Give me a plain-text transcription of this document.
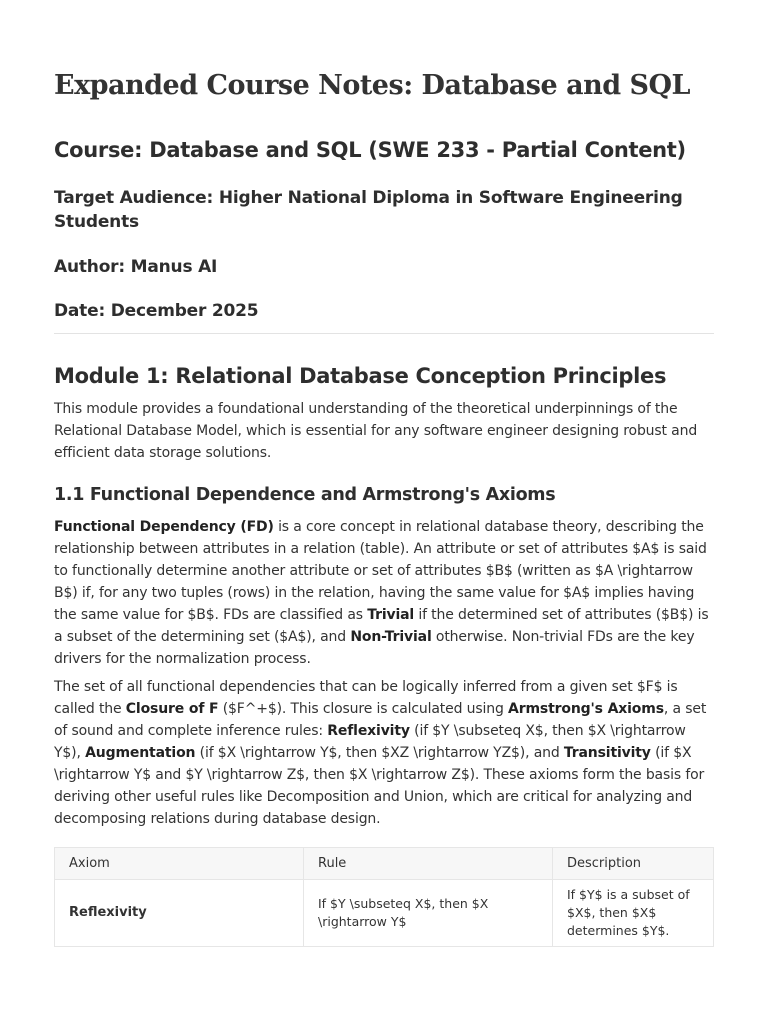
Expanded Course Notes: Database and SQL
Course: Database and SQL (SWE 233 - Partial Content)
Target Audience: Higher National Diploma in Software Engineering Students
Author: Manus AI
Date: December 2025
Module 1: Relational Database Conception Principles

This module provides a foundational understanding of the theoretical underpinnings of the Relational Database Model, which is essential for any software engineer designing robust and efficient data storage solutions.

1.1 Functional Dependence and Armstrong's Axioms

Functional Dependency (FD) is a core concept in relational database theory, describing the relationship between attributes in a relation (table). An attribute or set of attributes $A$ is said to functionally determine another attribute or set of attributes $B$ (written as $A \rightarrow B$) if, for any two tuples (rows) in the relation, having the same value for $A$ implies having the same value for $B$. FDs are classified as Trivial if the determined set of attributes ($B$) is a subset of the determining set ($A$), and Non-Trivial otherwise. Non-trivial FDs are the key drivers for the normalization process.

The set of all functional dependencies that can be logically inferred from a given set $F$ is called the Closure of F ($F^+$). This closure is calculated using Armstrong's Axioms, a set of sound and complete inference rules: Reflexivity (if $Y \subseteq X$, then $X \rightarrow Y$), Augmentation (if $X \rightarrow Y$, then $XZ \rightarrow YZ$), and Transitivity (if $X \rightarrow Y$ and $Y \rightarrow Z$, then $X \rightarrow Z$). These axioms form the basis for deriving other useful rules like Decomposition and Union, which are critical for analyzing and decomposing relations during database design.

Axiom	Rule	Description
Reflexivity	If $Y \subseteq X$, then $X \rightarrow Y$	If $Y$ is a subset of $X$, then $X$ determines $Y$.
